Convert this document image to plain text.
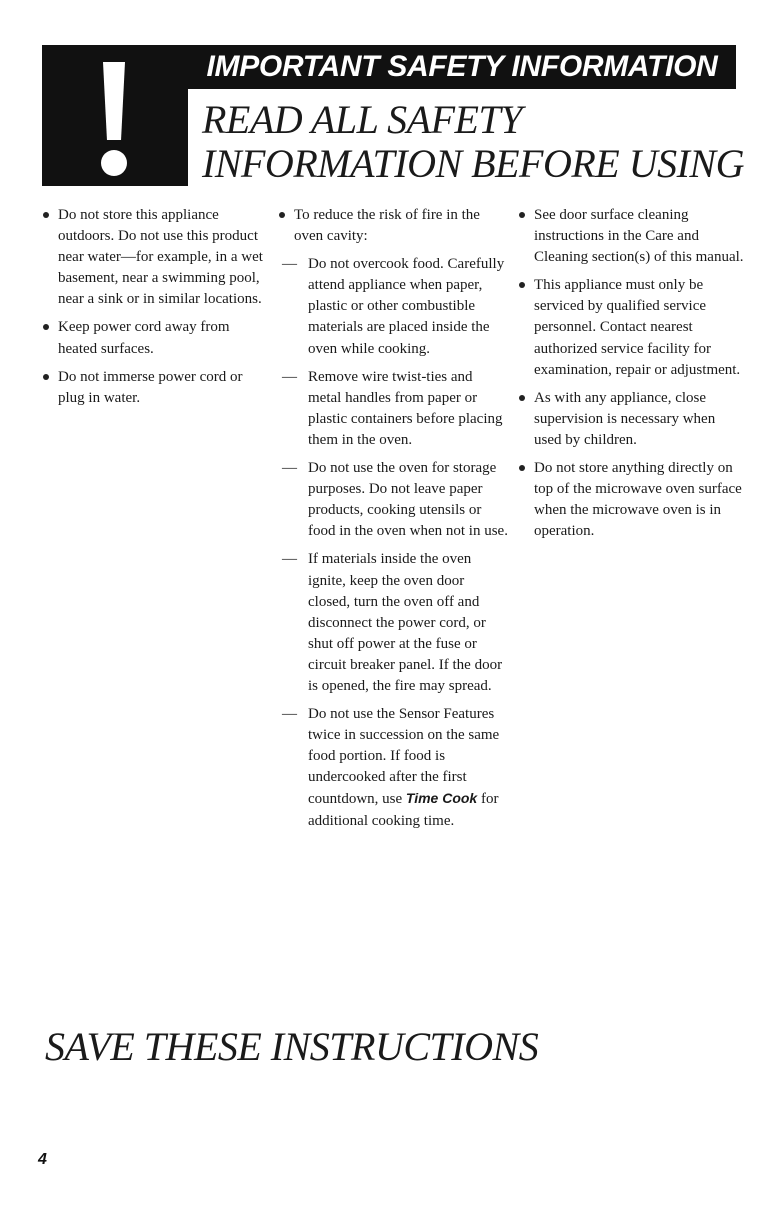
IMPORTANT SAFETY INFORMATION
READ ALL SAFETY
INFORMATION BEFORE USING
Do not store this appliance outdoors. Do not use this product near water—for example, in a wet basement, near a swimming pool, near a sink or in similar locations.
Keep power cord away from heated surfaces.
Do not immerse power cord or plug in water.
To reduce the risk of fire in the oven cavity:
— Do not overcook food. Carefully attend appliance when paper, plastic or other combustible materials are placed inside the oven while cooking.
— Remove wire twist-ties and metal handles from paper or plastic containers before placing them in the oven.
— Do not use the oven for storage purposes. Do not leave paper products, cooking utensils or food in the oven when not in use.
— If materials inside the oven ignite, keep the oven door closed, turn the oven off and disconnect the power cord, or shut off power at the fuse or circuit breaker panel. If the door is opened, the fire may spread.
— Do not use the Sensor Features twice in succession on the same food portion. If food is undercooked after the first countdown, use Time Cook for additional cooking time.
See door surface cleaning instructions in the Care and Cleaning section(s) of this manual.
This appliance must only be serviced by qualified service personnel. Contact nearest authorized service facility for examination, repair or adjustment.
As with any appliance, close supervision is necessary when used by children.
Do not store anything directly on top of the microwave oven surface when the microwave oven is in operation.
SAVE THESE INSTRUCTIONS
4
